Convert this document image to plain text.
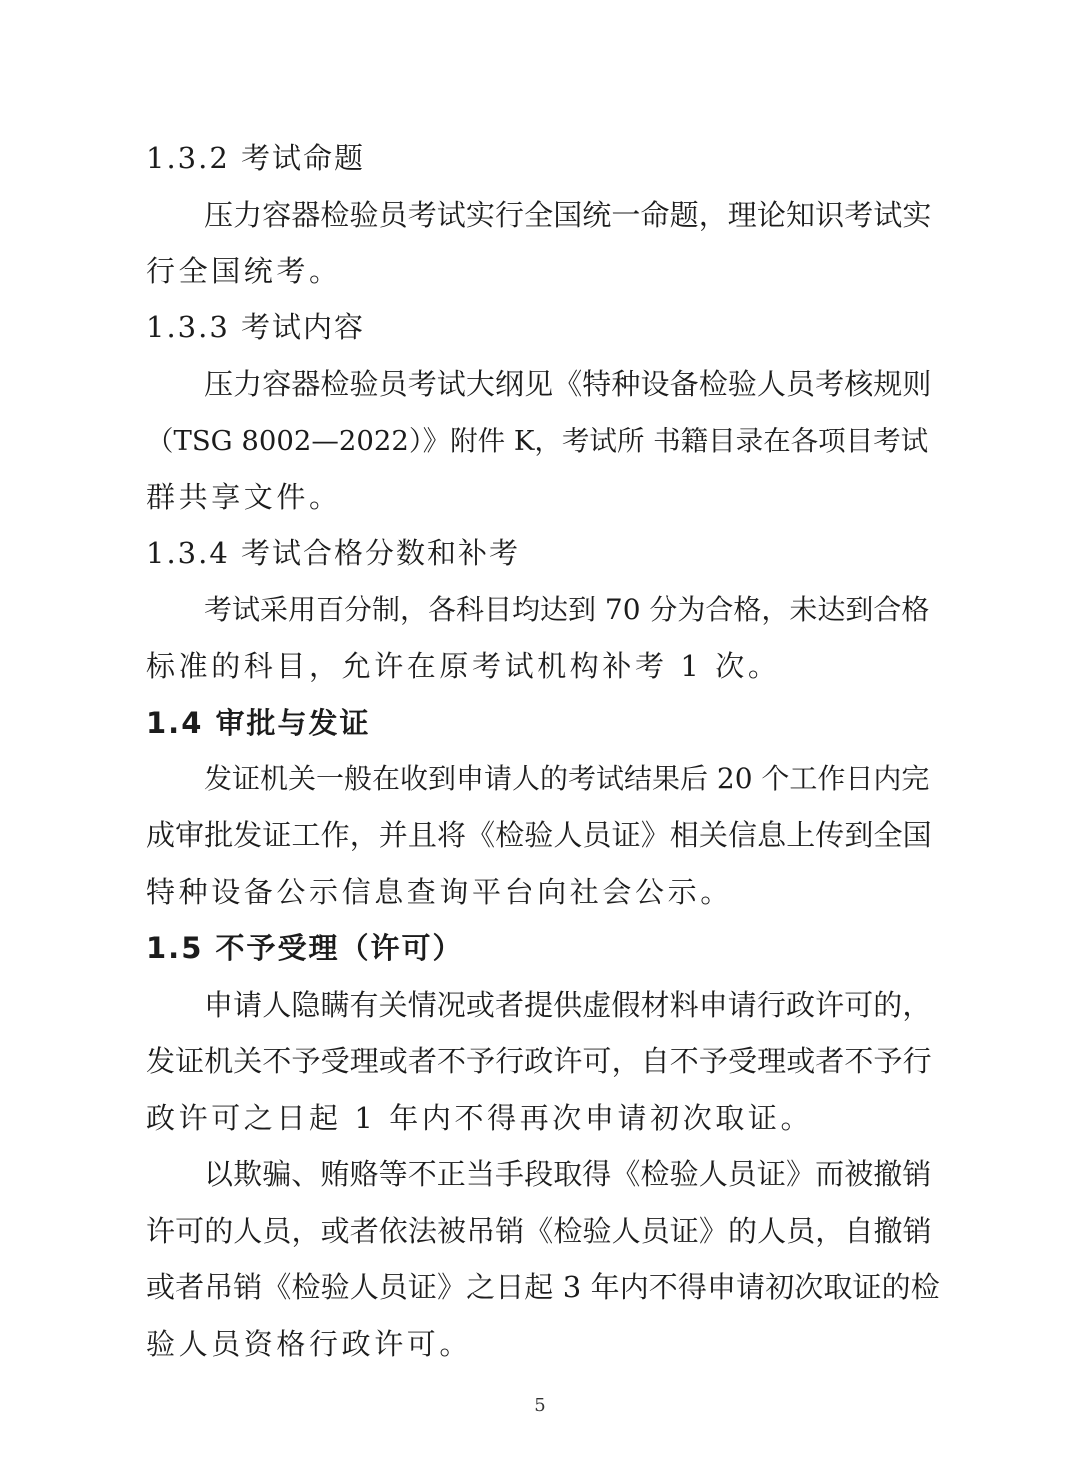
1.3.2 考试命题
压力容器检验员考试实行全国统一命题，理论知识考试实
行全国统考。
1.3.3 考试内容
压力容器检验员考试大纲见《特种设备检验人员考核规则
（TSG 8002—2022）》附件 K，考试所 书籍目录在各项目考试
群共享文件。
1.3.4 考试合格分数和补考
考试采用百分制，各科目均达到 70 分为合格，未达到合格
标准的科目，允许在原考试机构补考 1 次。
1.4 审批与发证
发证机关一般在收到申请人的考试结果后 20 个工作日内完
成审批发证工作，并且将《检验人员证》相关信息上传到全国
特种设备公示信息查询平台向社会公示。
1.5 不予受理（许可）
申请人隐瞒有关情况或者提供虚假材料申请行政许可的，
发证机关不予受理或者不予行政许可，自不予受理或者不予行
政许可之日起 1 年内不得再次申请初次取证。
以欺骗、贿赂等不正当手段取得《检验人员证》而被撤销
许可的人员，或者依法被吊销《检验人员证》的人员，自撤销
或者吊销《检验人员证》之日起 3 年内不得申请初次取证的检
验人员资格行政许可。
5
